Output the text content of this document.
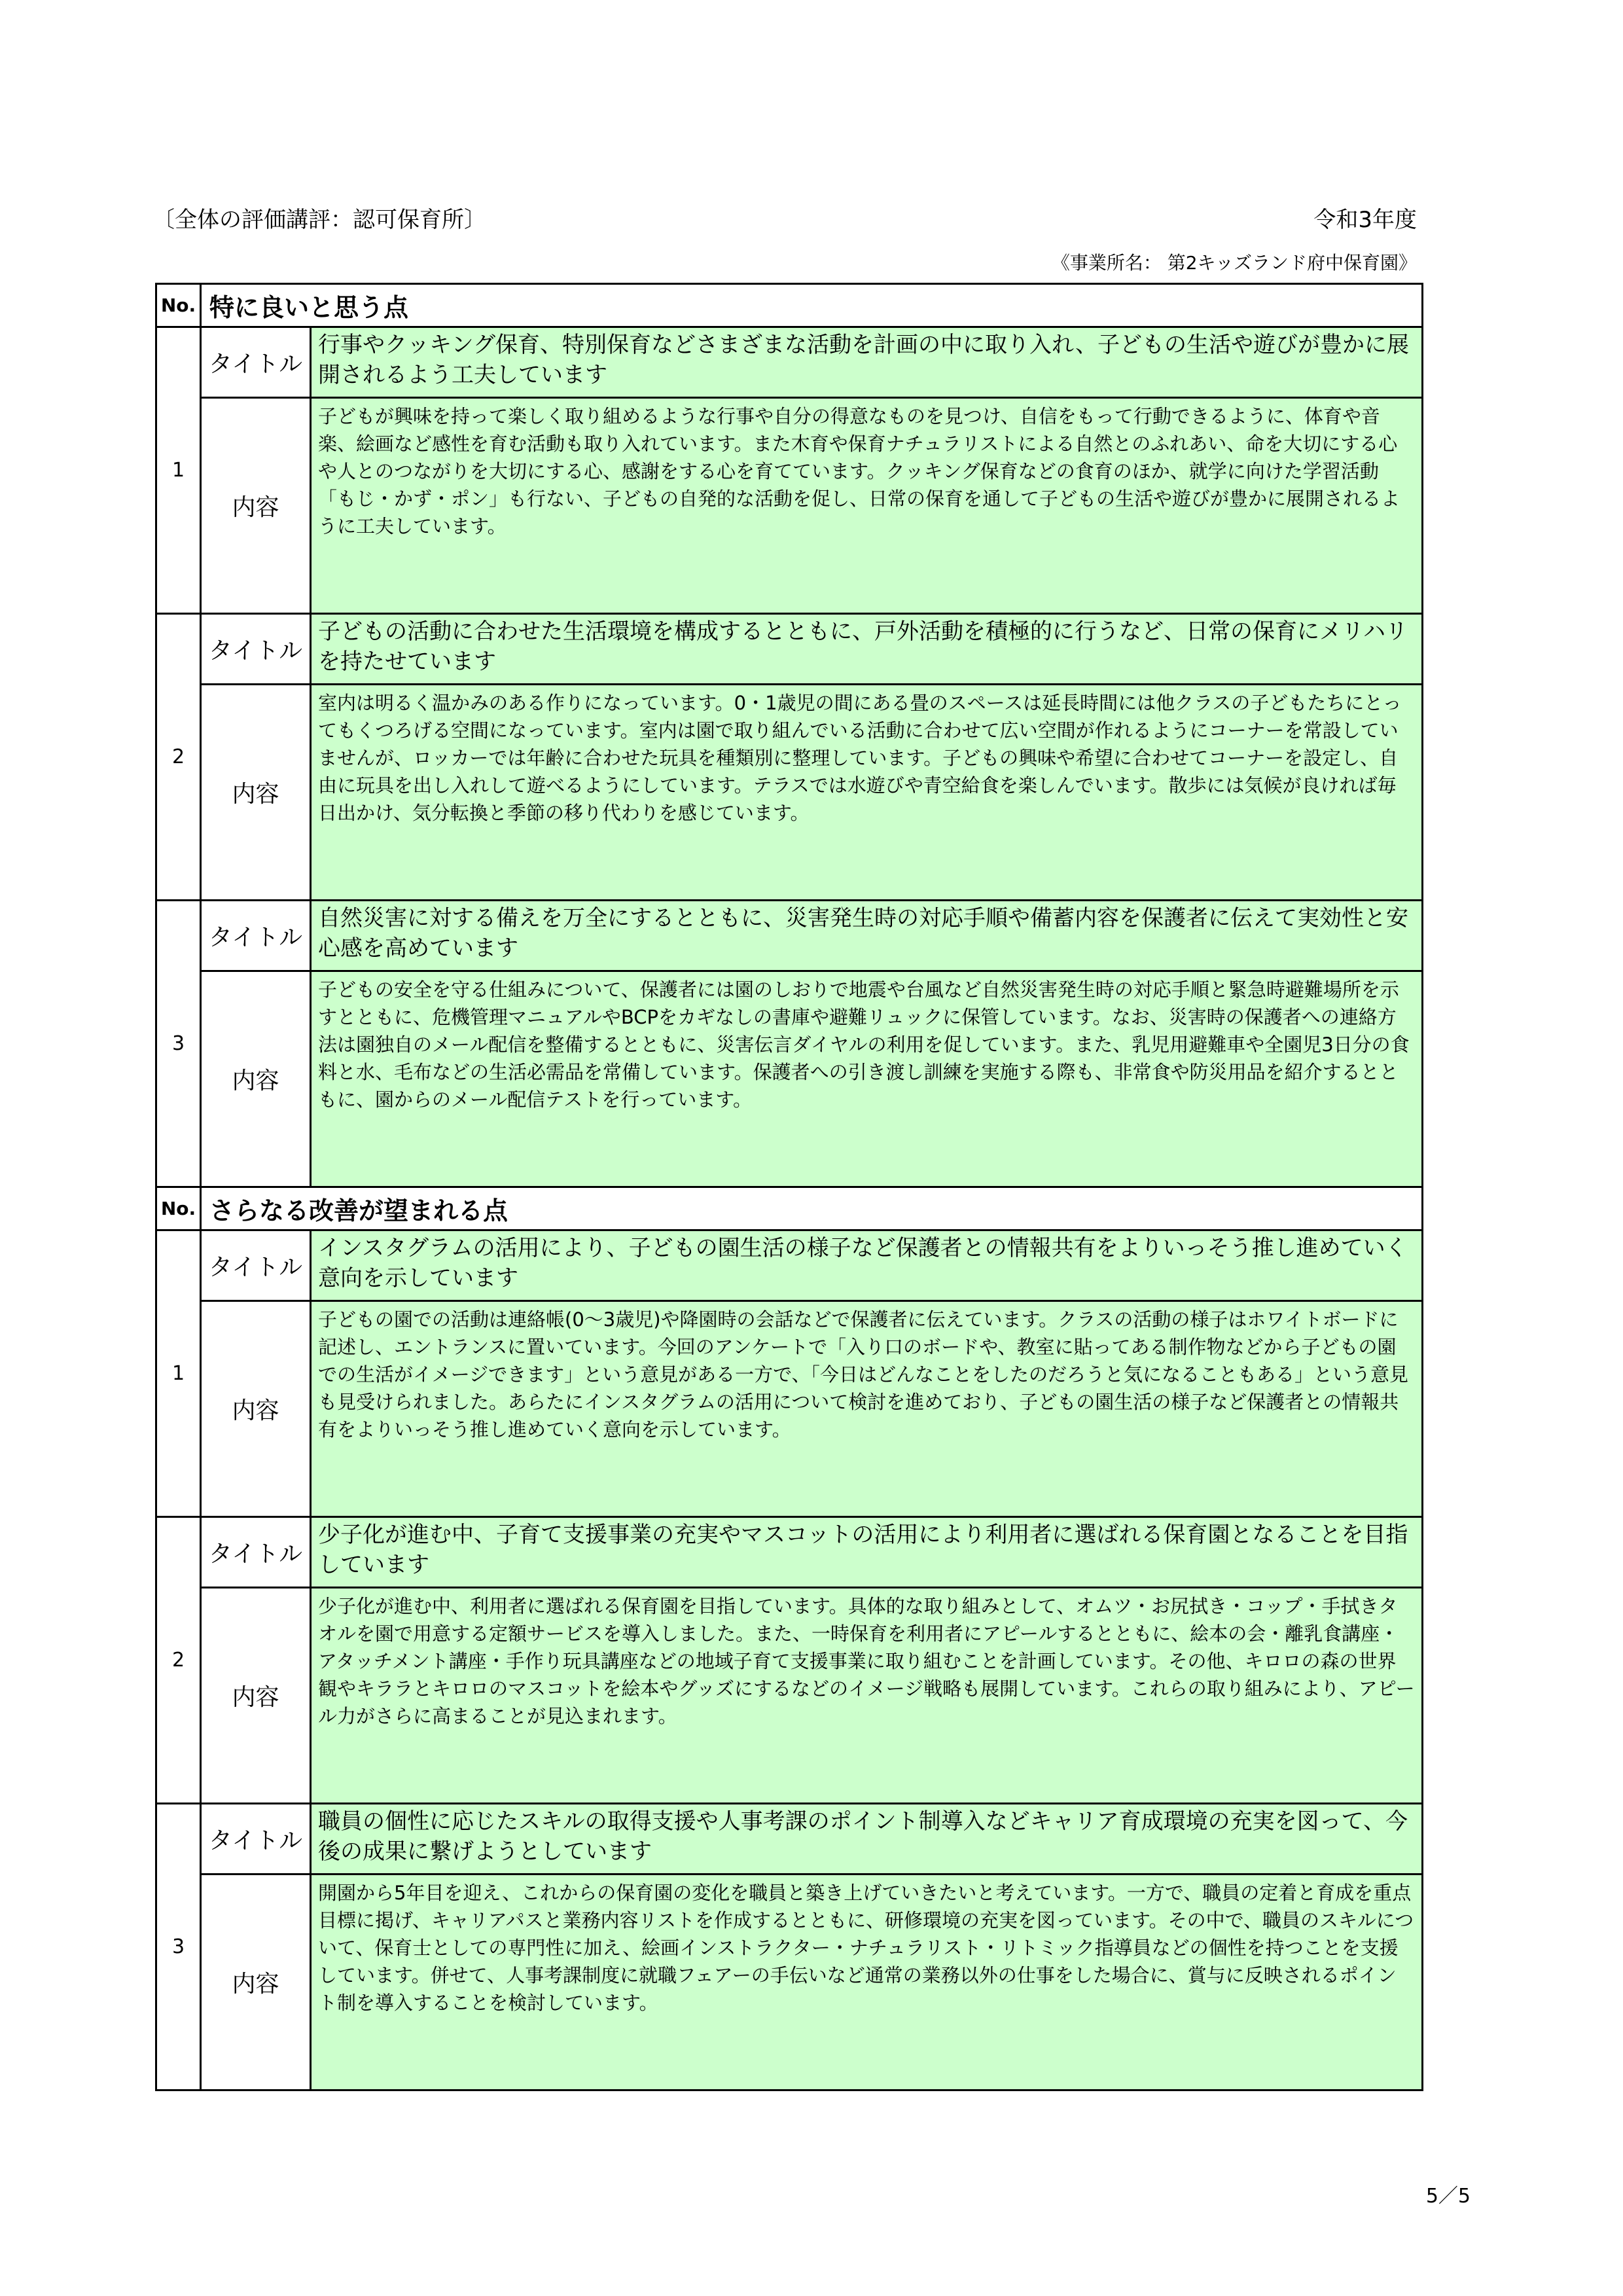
〔全体の評価講評：認可保育所〕	令和3年度
《事業所名： 第2キッズランド府中保育園》
No.	特に良いと思う点	
1	タイトル	行事やクッキング保育、特別保育などさまざまな活動を計画の中に取り入れ、子どもの生活や遊びが豊かに展開されるよう工夫しています
	内容	子どもが興味を持って楽しく取り組めるような行事や自分の得意なものを見つけ、自信をもって行動できるように、体育や音楽、絵画など感性を育む活動も取り入れています。また木育や保育ナチュラリストによる自然とのふれあい、命を大切にする心や人とのつながりを大切にする心、感謝をする心を育てています。クッキング保育などの食育のほか、就学に向けた学習活動「もじ・かず・ポン」も行ない、子どもの自発的な活動を促し、日常の保育を通して子どもの生活や遊びが豊かに展開されるように工夫しています。
2	タイトル	子どもの活動に合わせた生活環境を構成するとともに、戸外活動を積極的に行うなど、日常の保育にメリハリを持たせています
	内容	室内は明るく温かみのある作りになっています。0・1歳児の間にある畳のスペースは延長時間には他クラスの子どもたちにとってもくつろげる空間になっています。室内は園で取り組んでいる活動に合わせて広い空間が作れるようにコーナーを常設していませんが、ロッカーでは年齢に合わせた玩具を種類別に整理しています。子どもの興味や希望に合わせてコーナーを設定し、自由に玩具を出し入れして遊べるようにしています。テラスでは水遊びや青空給食を楽しんでいます。散歩には気候が良ければ毎日出かけ、気分転換と季節の移り代わりを感じています。
3	タイトル	自然災害に対する備えを万全にするとともに、災害発生時の対応手順や備蓄内容を保護者に伝えて実効性と安心感を高めています
	内容	子どもの安全を守る仕組みについて、保護者には園のしおりで地震や台風など自然災害発生時の対応手順と緊急時避難場所を示すとともに、危機管理マニュアルやBCPをカギなしの書庫や避難リュックに保管しています。なお、災害時の保護者への連絡方法は園独自のメール配信を整備するとともに、災害伝言ダイヤルの利用を促しています。また、乳児用避難車や全園児3日分の食料と水、毛布などの生活必需品を常備しています。保護者への引き渡し訓練を実施する際も、非常食や防災用品を紹介するとともに、園からのメール配信テストを行っています。
No.	さらなる改善が望まれる点	
1	タイトル	インスタグラムの活用により、子どもの園生活の様子など保護者との情報共有をよりいっそう推し進めていく意向を示しています
	内容	子どもの園での活動は連絡帳(0～3歳児)や降園時の会話などで保護者に伝えています。クラスの活動の様子はホワイトボードに記述し、エントランスに置いています。今回のアンケートで「入り口のボードや、教室に貼ってある制作物などから子どもの園での生活がイメージできます」という意見がある一方で、「今日はどんなことをしたのだろうと気になることもある」という意見も見受けられました。あらたにインスタグラムの活用について検討を進めており、子どもの園生活の様子など保護者との情報共有をよりいっそう推し進めていく意向を示しています。
2	タイトル	少子化が進む中、子育て支援事業の充実やマスコットの活用により利用者に選ばれる保育園となることを目指しています
	内容	少子化が進む中、利用者に選ばれる保育園を目指しています。具体的な取り組みとして、オムツ・お尻拭き・コップ・手拭きタオルを園で用意する定額サービスを導入しました。また、一時保育を利用者にアピールするとともに、絵本の会・離乳食講座・アタッチメント講座・手作り玩具講座などの地域子育て支援事業に取り組むことを計画しています。その他、キロロの森の世界観やキララとキロロのマスコットを絵本やグッズにするなどのイメージ戦略も展開しています。これらの取り組みにより、アピール力がさらに高まることが見込まれます。
3	タイトル	職員の個性に応じたスキルの取得支援や人事考課のポイント制導入などキャリア育成環境の充実を図って、今後の成果に繋げようとしています
	内容	開園から5年目を迎え、これからの保育園の変化を職員と築き上げていきたいと考えています。一方で、職員の定着と育成を重点目標に掲げ、キャリアパスと業務内容リストを作成するとともに、研修環境の充実を図っています。その中で、職員のスキルについて、保育士としての専門性に加え、絵画インストラクター・ナチュラリスト・リトミック指導員などの個性を持つことを支援しています。併せて、人事考課制度に就職フェアーの手伝いなど通常の業務以外の仕事をした場合に、賞与に反映されるポイント制を導入することを検討しています。
5／5
